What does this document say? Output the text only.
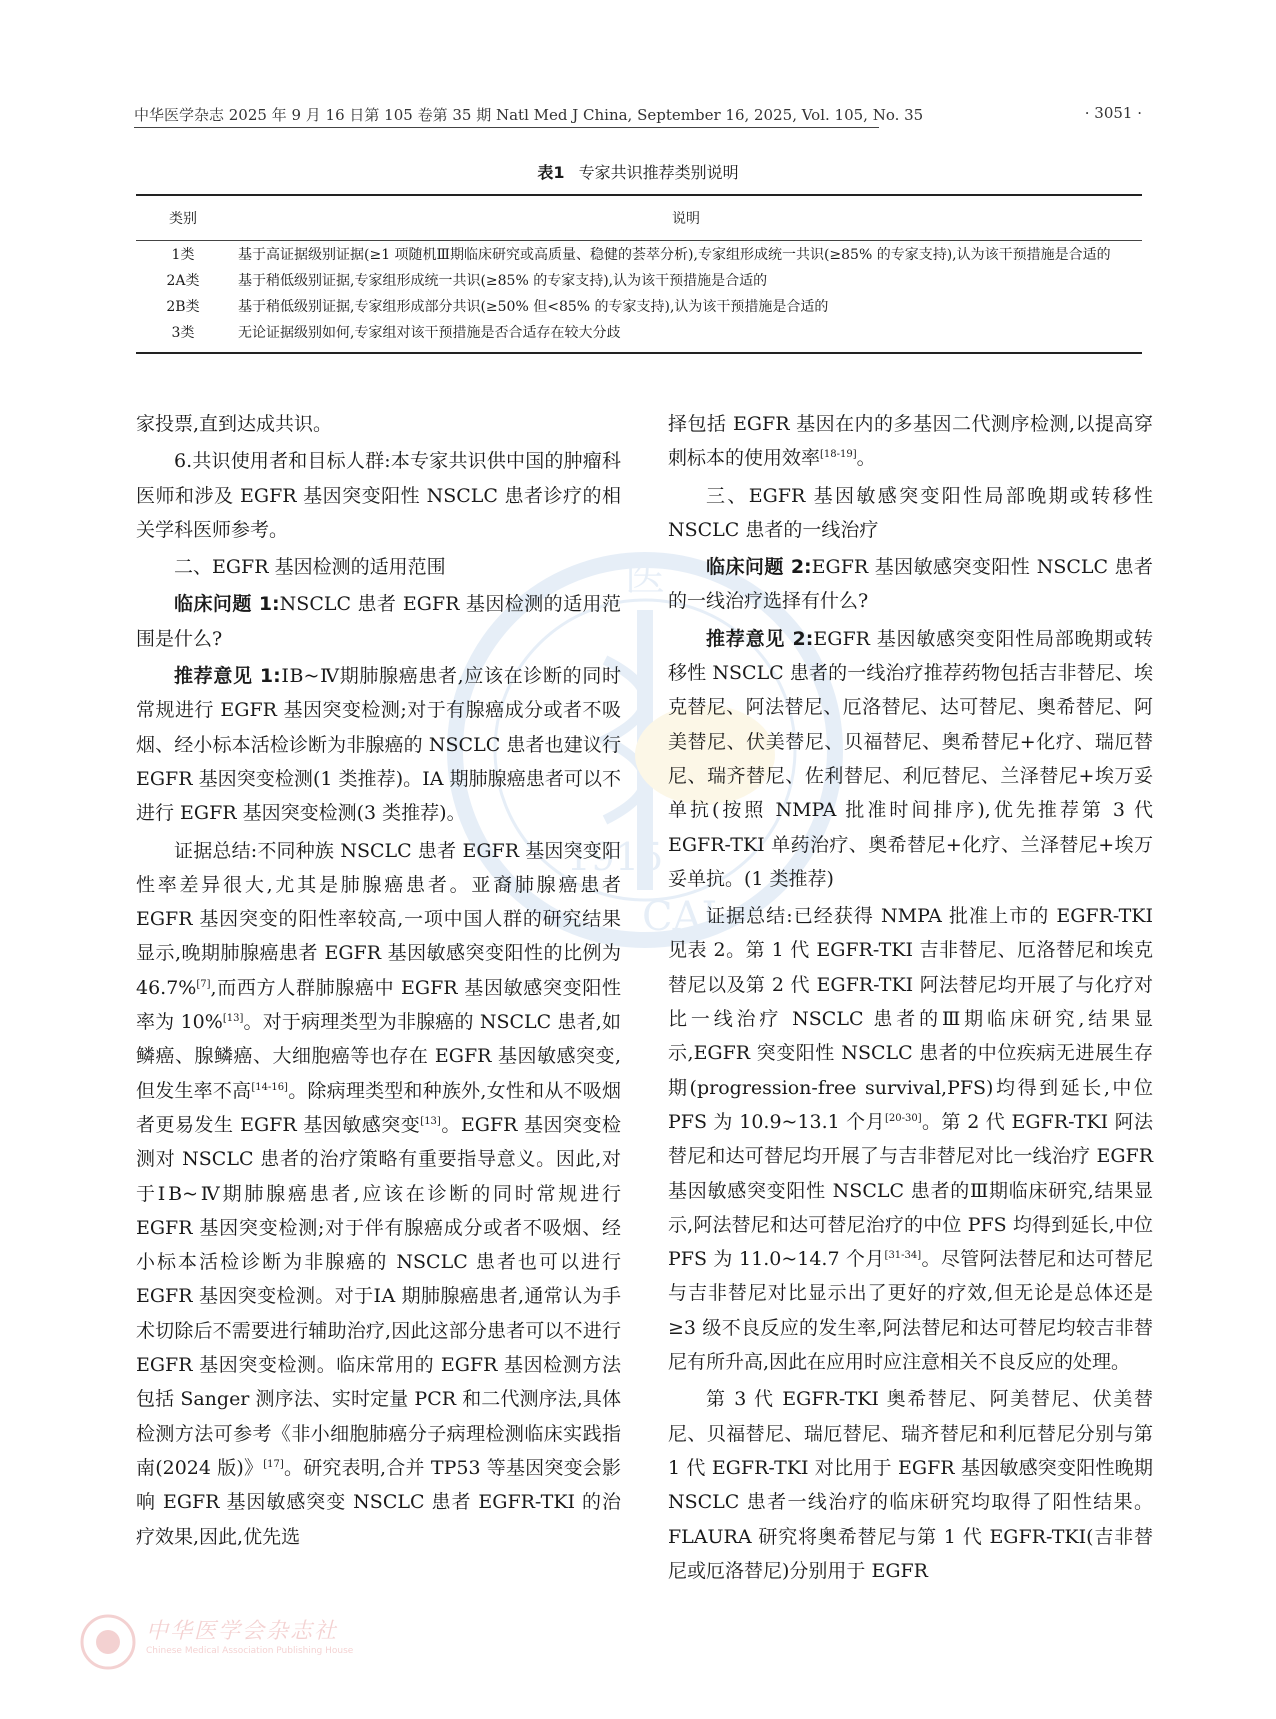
中华医学杂志 2025 年 9 月 16 日第 105 卷第 35 期 Natl Med J China, September 16, 2025, Vol. 105, No. 35	· 3051 ·
表1 专家共识推荐类别说明
类别	说明
1类	基于高证据级别证据(≥1 项随机Ⅲ期临床研究或高质量、稳健的荟萃分析),专家组形成统一共识(≥85% 的专家支持),认为该干预措施是合适的
2A类	基于稍低级别证据,专家组形成统一共识(≥85% 的专家支持),认为该干预措施是合适的
2B类	基于稍低级别证据,专家组形成部分共识(≥50% 但<85% 的专家支持),认为该干预措施是合适的
3类	无论证据级别如何,专家组对该干预措施是否合适存在较大分歧
医
1915
CAL

家投票,直到达成共识。

6.共识使用者和目标人群:本专家共识供中国的肿瘤科医师和涉及 EGFR 基因突变阳性 NSCLC 患者诊疗的相关学科医师参考。

二、EGFR 基因检测的适用范围

临床问题 1:NSCLC 患者 EGFR 基因检测的适用范围是什么?

推荐意见 1:ⅠB~Ⅳ期肺腺癌患者,应该在诊断的同时常规进行 EGFR 基因突变检测;对于有腺癌成分或者不吸烟、经小标本活检诊断为非腺癌的 NSCLC 患者也建议行 EGFR 基因突变检测(1 类推荐)。ⅠA 期肺腺癌患者可以不进行 EGFR 基因突变检测(3 类推荐)。

证据总结:不同种族 NSCLC 患者 EGFR 基因突变阳性率差异很大,尤其是肺腺癌患者。亚裔肺腺癌患者 EGFR 基因突变的阳性率较高,一项中国人群的研究结果显示,晚期肺腺癌患者 EGFR 基因敏感突变阳性的比例为 46.7%[7],而西方人群肺腺癌中 EGFR 基因敏感突变阳性率为 10%[13]。对于病理类型为非腺癌的 NSCLC 患者,如鳞癌、腺鳞癌、大细胞癌等也存在 EGFR 基因敏感突变,但发生率不高[14-16]。除病理类型和种族外,女性和从不吸烟者更易发生 EGFR 基因敏感突变[13]。EGFR 基因突变检测对 NSCLC 患者的治疗策略有重要指导意义。因此,对于ⅠB~Ⅳ期肺腺癌患者,应该在诊断的同时常规进行 EGFR 基因突变检测;对于伴有腺癌成分或者不吸烟、经小标本活检诊断为非腺癌的 NSCLC 患者也可以进行 EGFR 基因突变检测。对于ⅠA 期肺腺癌患者,通常认为手术切除后不需要进行辅助治疗,因此这部分患者可以不进行 EGFR 基因突变检测。临床常用的 EGFR 基因检测方法包括 Sanger 测序法、实时定量 PCR 和二代测序法,具体检测方法可参考《非小细胞肺癌分子病理检测临床实践指南(2024 版)》[17]。研究表明,合并 TP53 等基因突变会影响 EGFR 基因敏感突变 NSCLC 患者 EGFR-TKI 的治疗效果,因此,优先选

择包括 EGFR 基因在内的多基因二代测序检测,以提高穿刺标本的使用效率[18-19]。

三、EGFR 基因敏感突变阳性局部晚期或转移性 NSCLC 患者的一线治疗

临床问题 2:EGFR 基因敏感突变阳性 NSCLC 患者的一线治疗选择有什么?

推荐意见 2:EGFR 基因敏感突变阳性局部晚期或转移性 NSCLC 患者的一线治疗推荐药物包括吉非替尼、埃克替尼、阿法替尼、厄洛替尼、达可替尼、奥希替尼、阿美替尼、伏美替尼、贝福替尼、奥希替尼+化疗、瑞厄替尼、瑞齐替尼、佐利替尼、利厄替尼、兰泽替尼+埃万妥单抗(按照 NMPA 批准时间排序),优先推荐第 3 代 EGFR-TKI 单药治疗、奥希替尼+化疗、兰泽替尼+埃万妥单抗。(1 类推荐)

证据总结:已经获得 NMPA 批准上市的 EGFR-TKI 见表 2。第 1 代 EGFR-TKI 吉非替尼、厄洛替尼和埃克替尼以及第 2 代 EGFR-TKI 阿法替尼均开展了与化疗对比一线治疗 NSCLC 患者的Ⅲ期临床研究,结果显示,EGFR 突变阳性 NSCLC 患者的中位疾病无进展生存期(progression-free survival,PFS)均得到延长,中位 PFS 为 10.9~13.1 个月[20-30]。第 2 代 EGFR-TKI 阿法替尼和达可替尼均开展了与吉非替尼对比一线治疗 EGFR 基因敏感突变阳性 NSCLC 患者的Ⅲ期临床研究,结果显示,阿法替尼和达可替尼治疗的中位 PFS 均得到延长,中位 PFS 为 11.0~14.7 个月[31-34]。尽管阿法替尼和达可替尼与吉非替尼对比显示出了更好的疗效,但无论是总体还是≥3 级不良反应的发生率,阿法替尼和达可替尼均较吉非替尼有所升高,因此在应用时应注意相关不良反应的处理。

第 3 代 EGFR-TKI 奥希替尼、阿美替尼、伏美替尼、贝福替尼、瑞厄替尼、瑞齐替尼和利厄替尼分别与第 1 代 EGFR-TKI 对比用于 EGFR 基因敏感突变阳性晚期 NSCLC 患者一线治疗的临床研究均取得了阳性结果。FLAURA 研究将奥希替尼与第 1 代 EGFR-TKI(吉非替尼或厄洛替尼)分别用于 EGFR

中华医学会杂志社
Chinese Medical Association Publishing House
